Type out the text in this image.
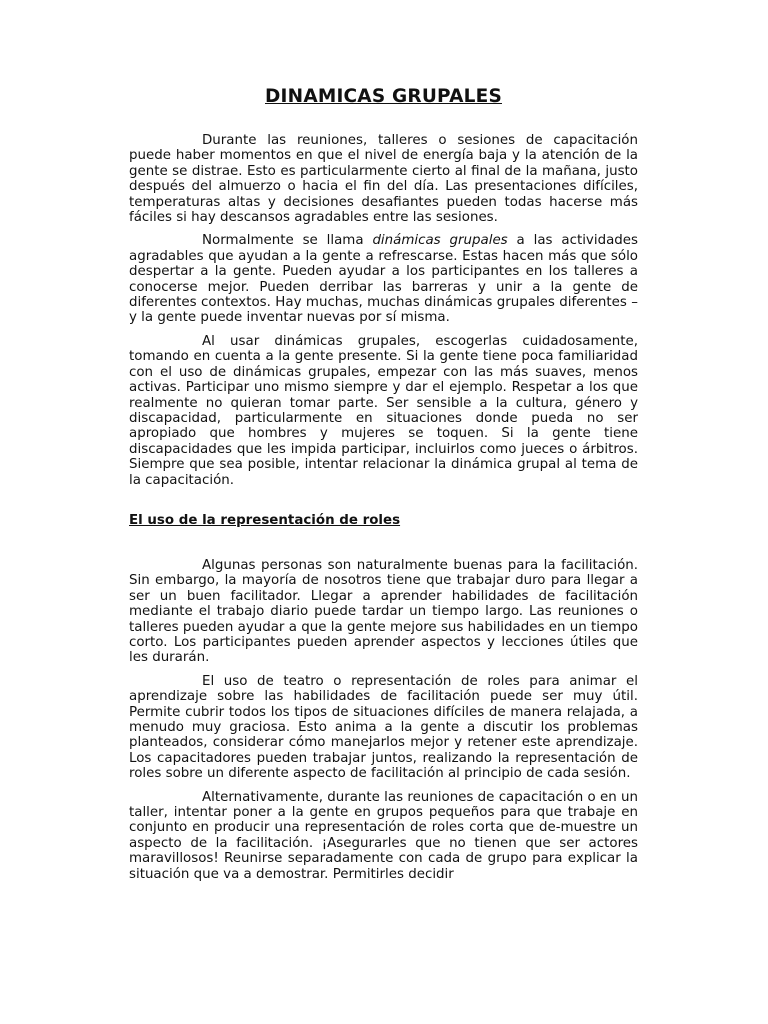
DINAMICAS GRUPALES

Durante las reuniones, talleres o sesiones de capacitación puede haber momentos en que el nivel de energía baja y la atención de la gente se distrae. Esto es particularmente cierto al final de la mañana, justo después del almuerzo o hacia el fin del día. Las presentaciones difíciles, temperaturas altas y decisiones desafiantes pueden todas hacerse más fáciles si hay descansos agradables entre las sesiones.

Normalmente se llama dinámicas grupales a las actividades agradables que ayudan a la gente a refrescarse. Estas hacen más que sólo despertar a la gente. Pueden ayudar a los participantes en los talleres a conocerse mejor. Pueden derribar las barreras y unir a la gente de diferentes contextos. Hay muchas, muchas dinámicas grupales diferentes – y la gente puede inventar nuevas por sí misma.

Al usar dinámicas grupales, escogerlas cuidadosamente, tomando en cuenta a la gente presente. Si la gente tiene poca familiaridad con el uso de dinámicas grupales, empezar con las más suaves, menos activas. Participar uno mismo siempre y dar el ejemplo. Respetar a los que realmente no quieran tomar parte. Ser sensible a la cultura, género y discapacidad, particularmente en situaciones donde pueda no ser apropiado que hombres y mujeres se toquen. Si la gente tiene discapacidades que les impida participar, incluirlos como jueces o árbitros. Siempre que sea posible, intentar relacionar la dinámica grupal al tema de la capacitación.

El uso de la representación de roles

Algunas personas son naturalmente buenas para la facilitación. Sin embargo, la mayoría de nosotros tiene que trabajar duro para llegar a ser un buen facilitador. Llegar a aprender habilidades de facilitación mediante el trabajo diario puede tardar un tiempo largo. Las reuniones o talleres pueden ayudar a que la gente mejore sus habilidades en un tiempo corto. Los participantes pueden aprender aspectos y lecciones útiles que les durarán.

El uso de teatro o representación de roles para animar el aprendizaje sobre las habilidades de facilitación puede ser muy útil. Permite cubrir todos los tipos de situaciones difíciles de manera relajada, a menudo muy graciosa. Esto anima a la gente a discutir los problemas planteados, considerar cómo manejarlos mejor y retener este aprendizaje. Los capacitadores pueden trabajar juntos, realizando la representación de roles sobre un diferente aspecto de facilitación al principio de cada sesión.

Alternativamente, durante las reuniones de capacitación o en un taller, intentar poner a la gente en grupos pequeños para que trabaje en conjunto en producir una representación de roles corta que de-muestre un aspecto de la facilitación. ¡Asegurarles que no tienen que ser actores maravillosos! Reunirse separadamente con cada de grupo para explicar la situación que va a demostrar. Permitirles decidir
